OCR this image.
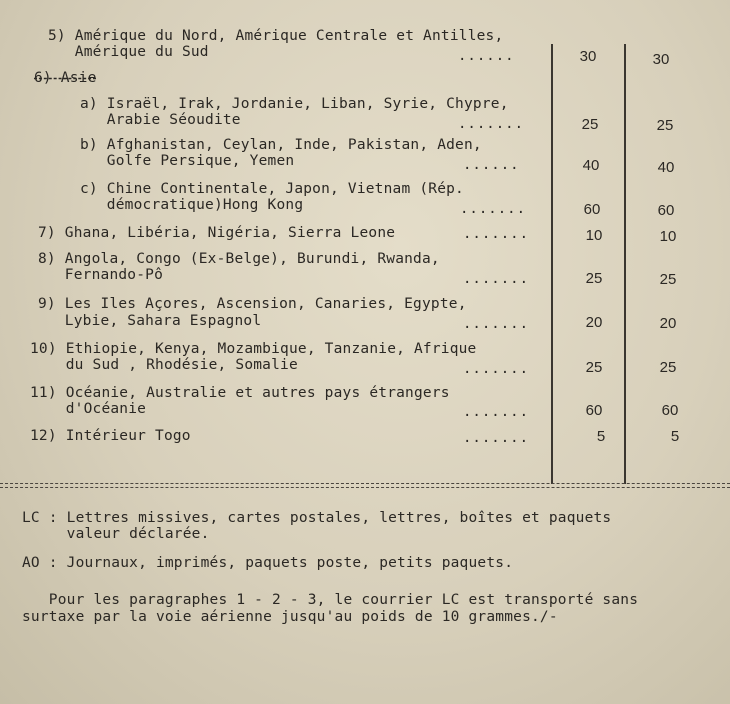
5) Amérique du Nord, Amérique Centrale et Antilles,
Amérique du Sud	......	30	30
6) Asie
a) Israël, Irak, Jordanie, Liban, Syrie, Chypre,
Arabie Séoudite	.......	25	25
b) Afghanistan, Ceylan, Inde, Pakistan, Aden,
Golfe Persique, Yemen	......	40	40
c) Chine Continentale, Japon, Vietnam (Rép.
démocratique)Hong Kong	.......	60	60
7) Ghana, Libéria, Nigéria, Sierra Leone	.......	10	10
8) Angola, Congo (Ex-Belge), Burundi, Rwanda,
Fernando-Pô	.......	25	25
9) Les Iles Açores, Ascension, Canaries, Egypte,
Lybie, Sahara Espagnol	.......	20	20
10) Ethiopie, Kenya, Mozambique, Tanzanie, Afrique
du Sud , Rhodésie, Somalie	.......	25	25
11) Océanie, Australie et autres pays étrangers
d'Océanie	.......	60	60
12) Intérieur Togo	.......	5	5
LC : Lettres missives, cartes postales, lettres, boîtes et paquets
valeur déclarée.
AO : Journaux, imprimés, paquets poste, petits paquets.
Pour les paragraphes 1 - 2 - 3, le courrier LC est transporté sans
surtaxe par la voie aérienne jusqu'au poids de 10 grammes./-
